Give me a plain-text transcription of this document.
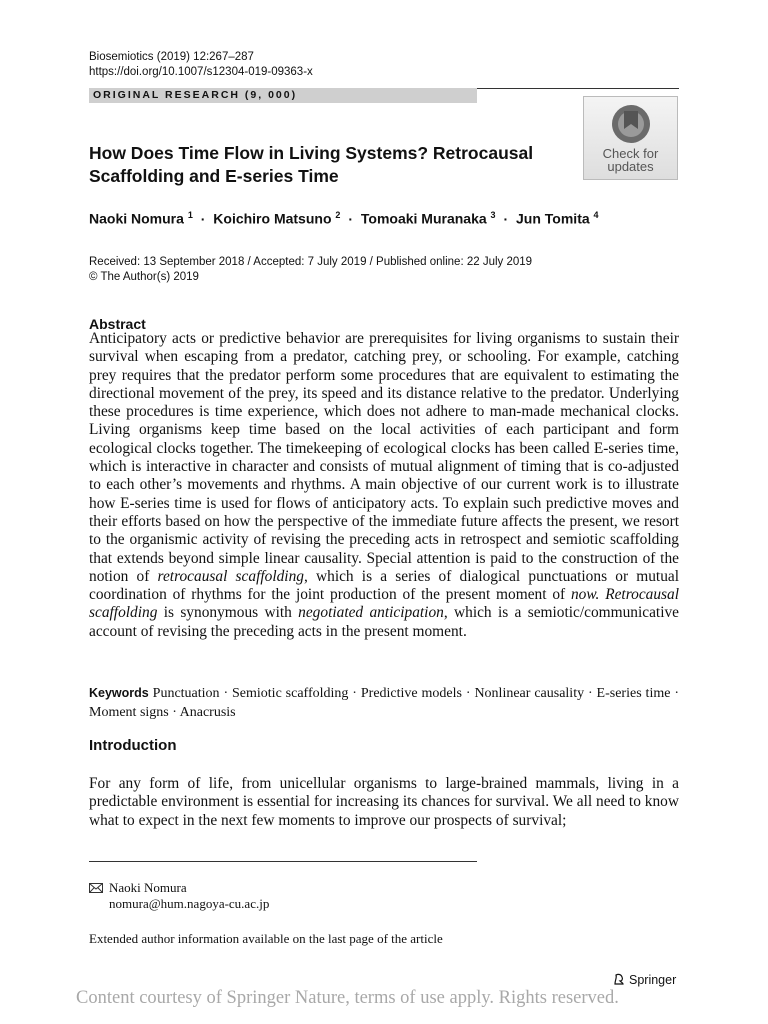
Biosemiotics (2019) 12:267–287
https://doi.org/10.1007/s12304-019-09363-x
ORIGINAL RESEARCH (9, 000)
Check for
updates
How Does Time Flow in Living Systems? Retrocausal
Scaffolding and E-series Time
Naoki Nomura $^1$ · Koichiro Matsuno $^2$ · Tomoaki Muranaka $^3$ · Jun Tomita $^4$
Received: 13 September 2018 / Accepted: 7 July 2019 / Published online: 22 July 2019
© The Author(s) 2019
Abstract

Anticipatory acts or predictive behavior are prerequisites for living organisms to sustain their survival when escaping from a predator, catching prey, or schooling. For example, catching prey requires that the predator perform some procedures that are equivalent to estimating the directional movement of the prey, its speed and its distance relative to the predator. Underlying these procedures is time experience, which does not adhere to man-made mechanical clocks. Living organisms keep time based on the local activities of each participant and form ecological clocks together. The timekeeping of ecological clocks has been called E-series time, which is interactive in character and consists of mutual alignment of timing that is co-adjusted to each other’s movements and rhythms. A main objective of our current work is to illustrate how E-series time is used for flows of anticipatory acts. To explain such predictive moves and their efforts based on how the perspective of the immediate future affects the present, we resort to the organismic activity of revising the preceding acts in retrospect and semiotic scaffolding that extends beyond simple linear causality. Special attention is paid to the construction of the notion of retrocausal scaffolding, which is a series of dialogical punctuations or mutual coordination of rhythms for the joint production of the present moment of now. Retrocausal scaffolding is synonymous with negotiated anticipation, which is a semiotic/communicative account of revising the preceding acts in the present moment.

Keywords Punctuation · Semiotic scaffolding · Predictive models · Nonlinear causality · E-series time · Moment signs · Anacrusis
Introduction

For any form of life, from unicellular organisms to large-brained mammals, living in a predictable environment is essential for increasing its chances for survival. We all need to know what to expect in the next few moments to improve our prospects of survival;

Naoki Nomura
nomura@hum.nagoya-cu.ac.jp
Extended author information available on the last page of the article
Springer
Content courtesy of Springer Nature, terms of use apply. Rights reserved.
